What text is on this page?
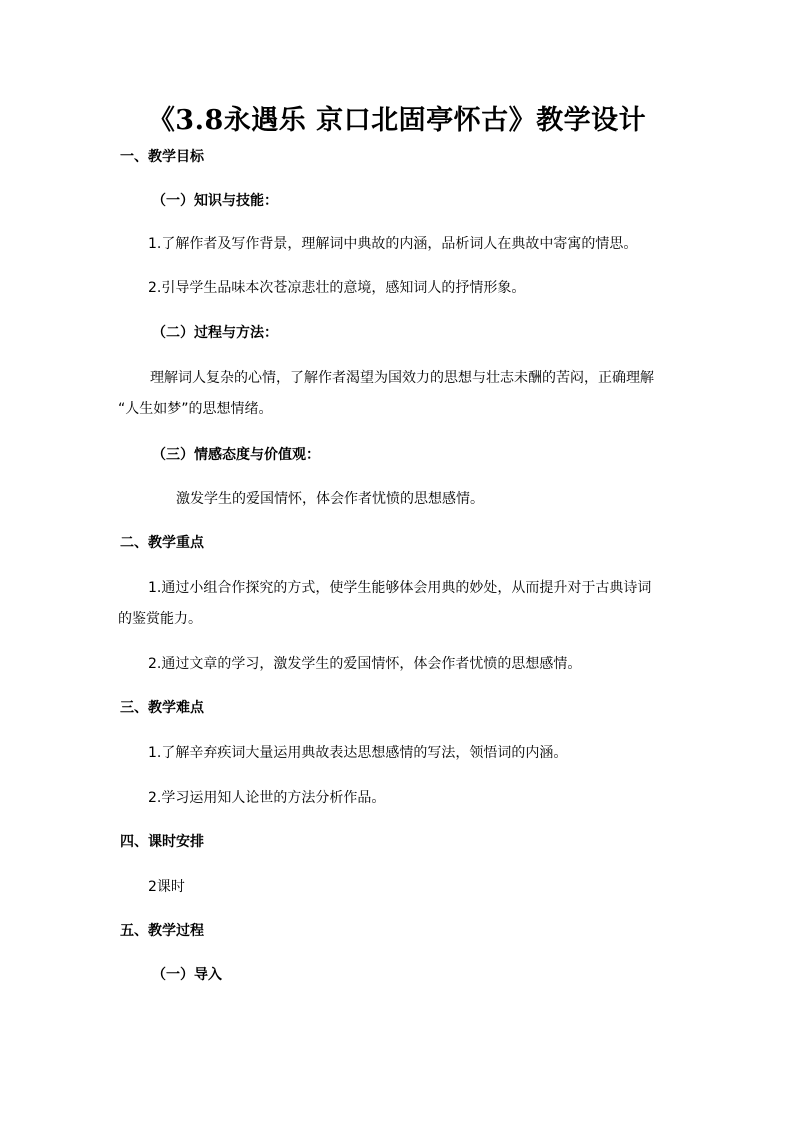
《3.8永遇乐 京口北固亭怀古》教学设计
一、教学目标
（一）知识与技能：
1.了解作者及写作背景，理解词中典故的内涵，品析词人在典故中寄寓的情思。
2.引导学生品味本次苍凉悲壮的意境，感知词人的抒情形象。
（二）过程与方法：
理解词人复杂的心情，了解作者渴望为国效力的思想与壮志未酬的苦闷，正确理解
“人生如梦”的思想情绪。
（三）情感态度与价值观：
激发学生的爱国情怀，体会作者忧愤的思想感情。
二、教学重点
1.通过小组合作探究的方式，使学生能够体会用典的妙处，从而提升对于古典诗词
的鉴赏能力。
2.通过文章的学习，激发学生的爱国情怀，体会作者忧愤的思想感情。
三、教学难点
1.了解辛弃疾词大量运用典故表达思想感情的写法，领悟词的内涵。
2.学习运用知人论世的方法分析作品。
四、课时安排
2课时
五、教学过程
（一）导入
